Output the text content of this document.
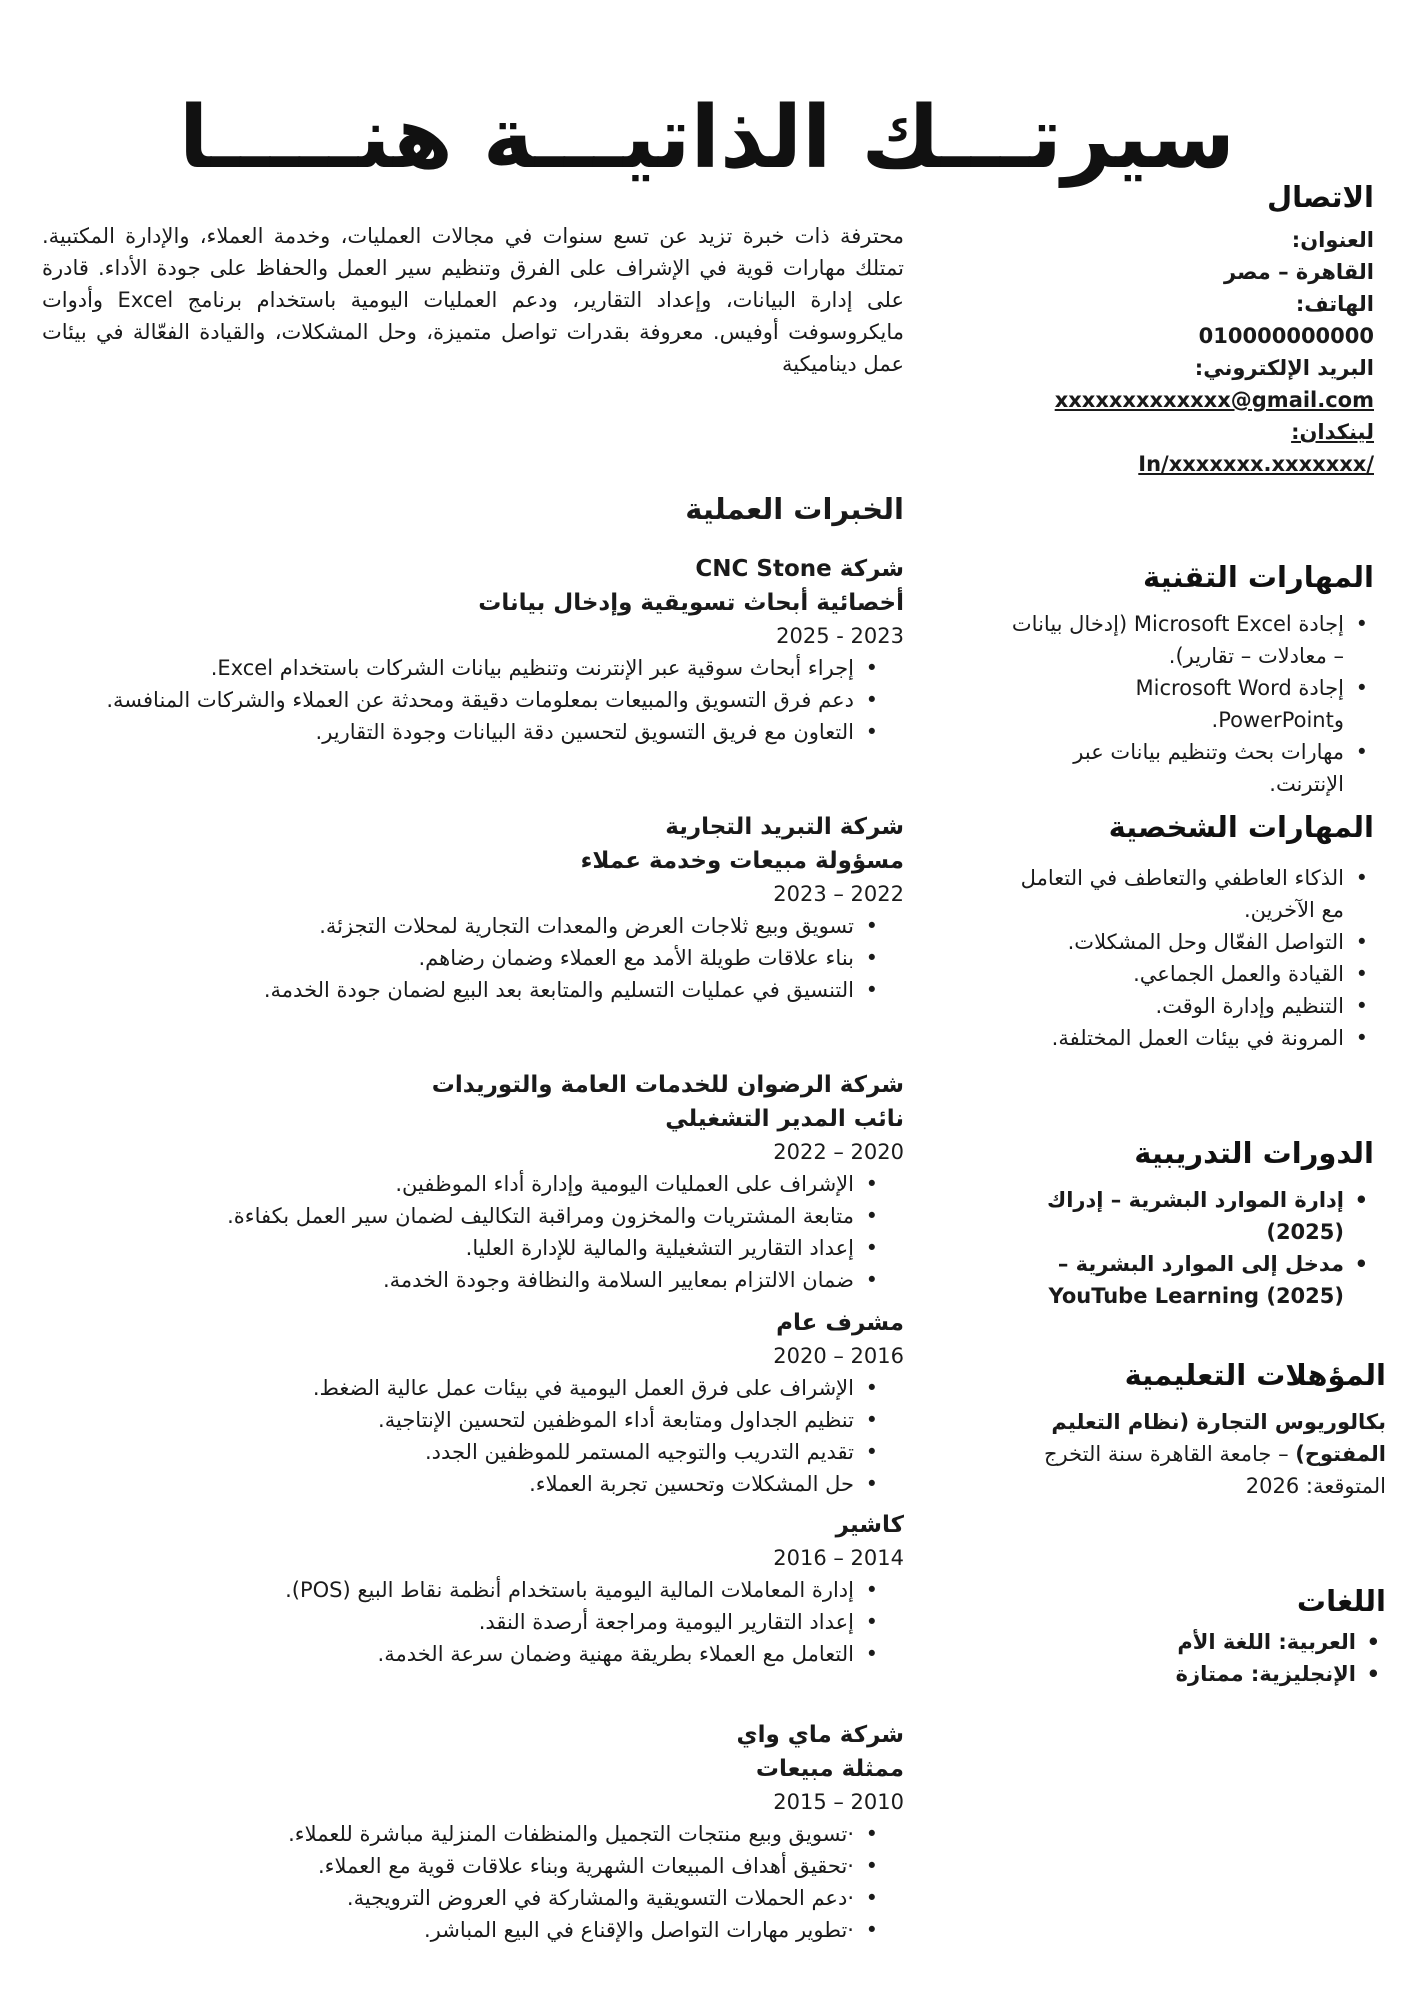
سيرتـــك الذاتيـــة هنـــــا
الاتصال

العنوان:

القاهرة – مصر

الهاتف:

010000000000

البريد الإلكتروني:

xxxxxxxxxxxxx@gmail.com

لينكدان:

In/xxxxxxx.xxxxxxx/

المهارات التقنية
• إجادة Microsoft Excel (إدخال بيانات – معادلات – تقارير).
• إجادة Microsoft Word وPowerPoint.
• مهارات بحث وتنظيم بيانات عبر الإنترنت.
المهارات الشخصية
• الذكاء العاطفي والتعاطف في التعامل مع الآخرين.
• التواصل الفعّال وحل المشكلات.
• القيادة والعمل الجماعي.
• التنظيم وإدارة الوقت.
• المرونة في بيئات العمل المختلفة.
الدورات التدريبية
• إدارة الموارد البشرية – إدراك (2025)
• مدخل إلى الموارد البشرية – YouTube Learning (2025)
المؤهلات التعليمية

بكالوريوس التجارة (نظام التعليم المفتوح) – جامعة القاهرة سنة التخرج المتوقعة: 2026

اللغات
• العربية: اللغة الأم
• الإنجليزية: ممتازة

محترفة ذات خبرة تزيد عن تسع سنوات في مجالات العمليات، وخدمة العملاء، والإدارة المكتبية. تمتلك مهارات قوية في الإشراف على الفرق وتنظيم سير العمل والحفاظ على جودة الأداء. قادرة على إدارة البيانات، وإعداد التقارير، ودعم العمليات اليومية باستخدام برنامج Excel وأدوات مايكروسوفت أوفيس. معروفة بقدرات تواصل متميزة، وحل المشكلات، والقيادة الفعّالة في بيئات عمل ديناميكية

الخبرات العملية

شركة CNC Stone

أخصائية أبحاث تسويقية وإدخال بيانات

2023 - 2025

• إجراء أبحاث سوقية عبر الإنترنت وتنظيم بيانات الشركات باستخدام Excel.
• دعم فرق التسويق والمبيعات بمعلومات دقيقة ومحدثة عن العملاء والشركات المنافسة.
• التعاون مع فريق التسويق لتحسين دقة البيانات وجودة التقارير.

شركة التبريد التجارية

مسؤولة مبيعات وخدمة عملاء

2022 – 2023

• تسويق وبيع ثلاجات العرض والمعدات التجارية لمحلات التجزئة.
• بناء علاقات طويلة الأمد مع العملاء وضمان رضاهم.
• التنسيق في عمليات التسليم والمتابعة بعد البيع لضمان جودة الخدمة.

شركة الرضوان للخدمات العامة والتوريدات

نائب المدير التشغيلي

2020 – 2022

• الإشراف على العمليات اليومية وإدارة أداء الموظفين.
• متابعة المشتريات والمخزون ومراقبة التكاليف لضمان سير العمل بكفاءة.
• إعداد التقارير التشغيلية والمالية للإدارة العليا.
• ضمان الالتزام بمعايير السلامة والنظافة وجودة الخدمة.

مشرف عام

2016 – 2020

• الإشراف على فرق العمل اليومية في بيئات عمل عالية الضغط.
• تنظيم الجداول ومتابعة أداء الموظفين لتحسين الإنتاجية.
• تقديم التدريب والتوجيه المستمر للموظفين الجدد.
• حل المشكلات وتحسين تجربة العملاء.

كاشير

2014 – 2016

• إدارة المعاملات المالية اليومية باستخدام أنظمة نقاط البيع (POS).
• إعداد التقارير اليومية ومراجعة أرصدة النقد.
• التعامل مع العملاء بطريقة مهنية وضمان سرعة الخدمة.

شركة ماي واي

ممثلة مبيعات

2010 – 2015

• ·تسويق وبيع منتجات التجميل والمنظفات المنزلية مباشرة للعملاء.
• ·تحقيق أهداف المبيعات الشهرية وبناء علاقات قوية مع العملاء.
• ·دعم الحملات التسويقية والمشاركة في العروض الترويجية.
• ·تطوير مهارات التواصل والإقناع في البيع المباشر.
